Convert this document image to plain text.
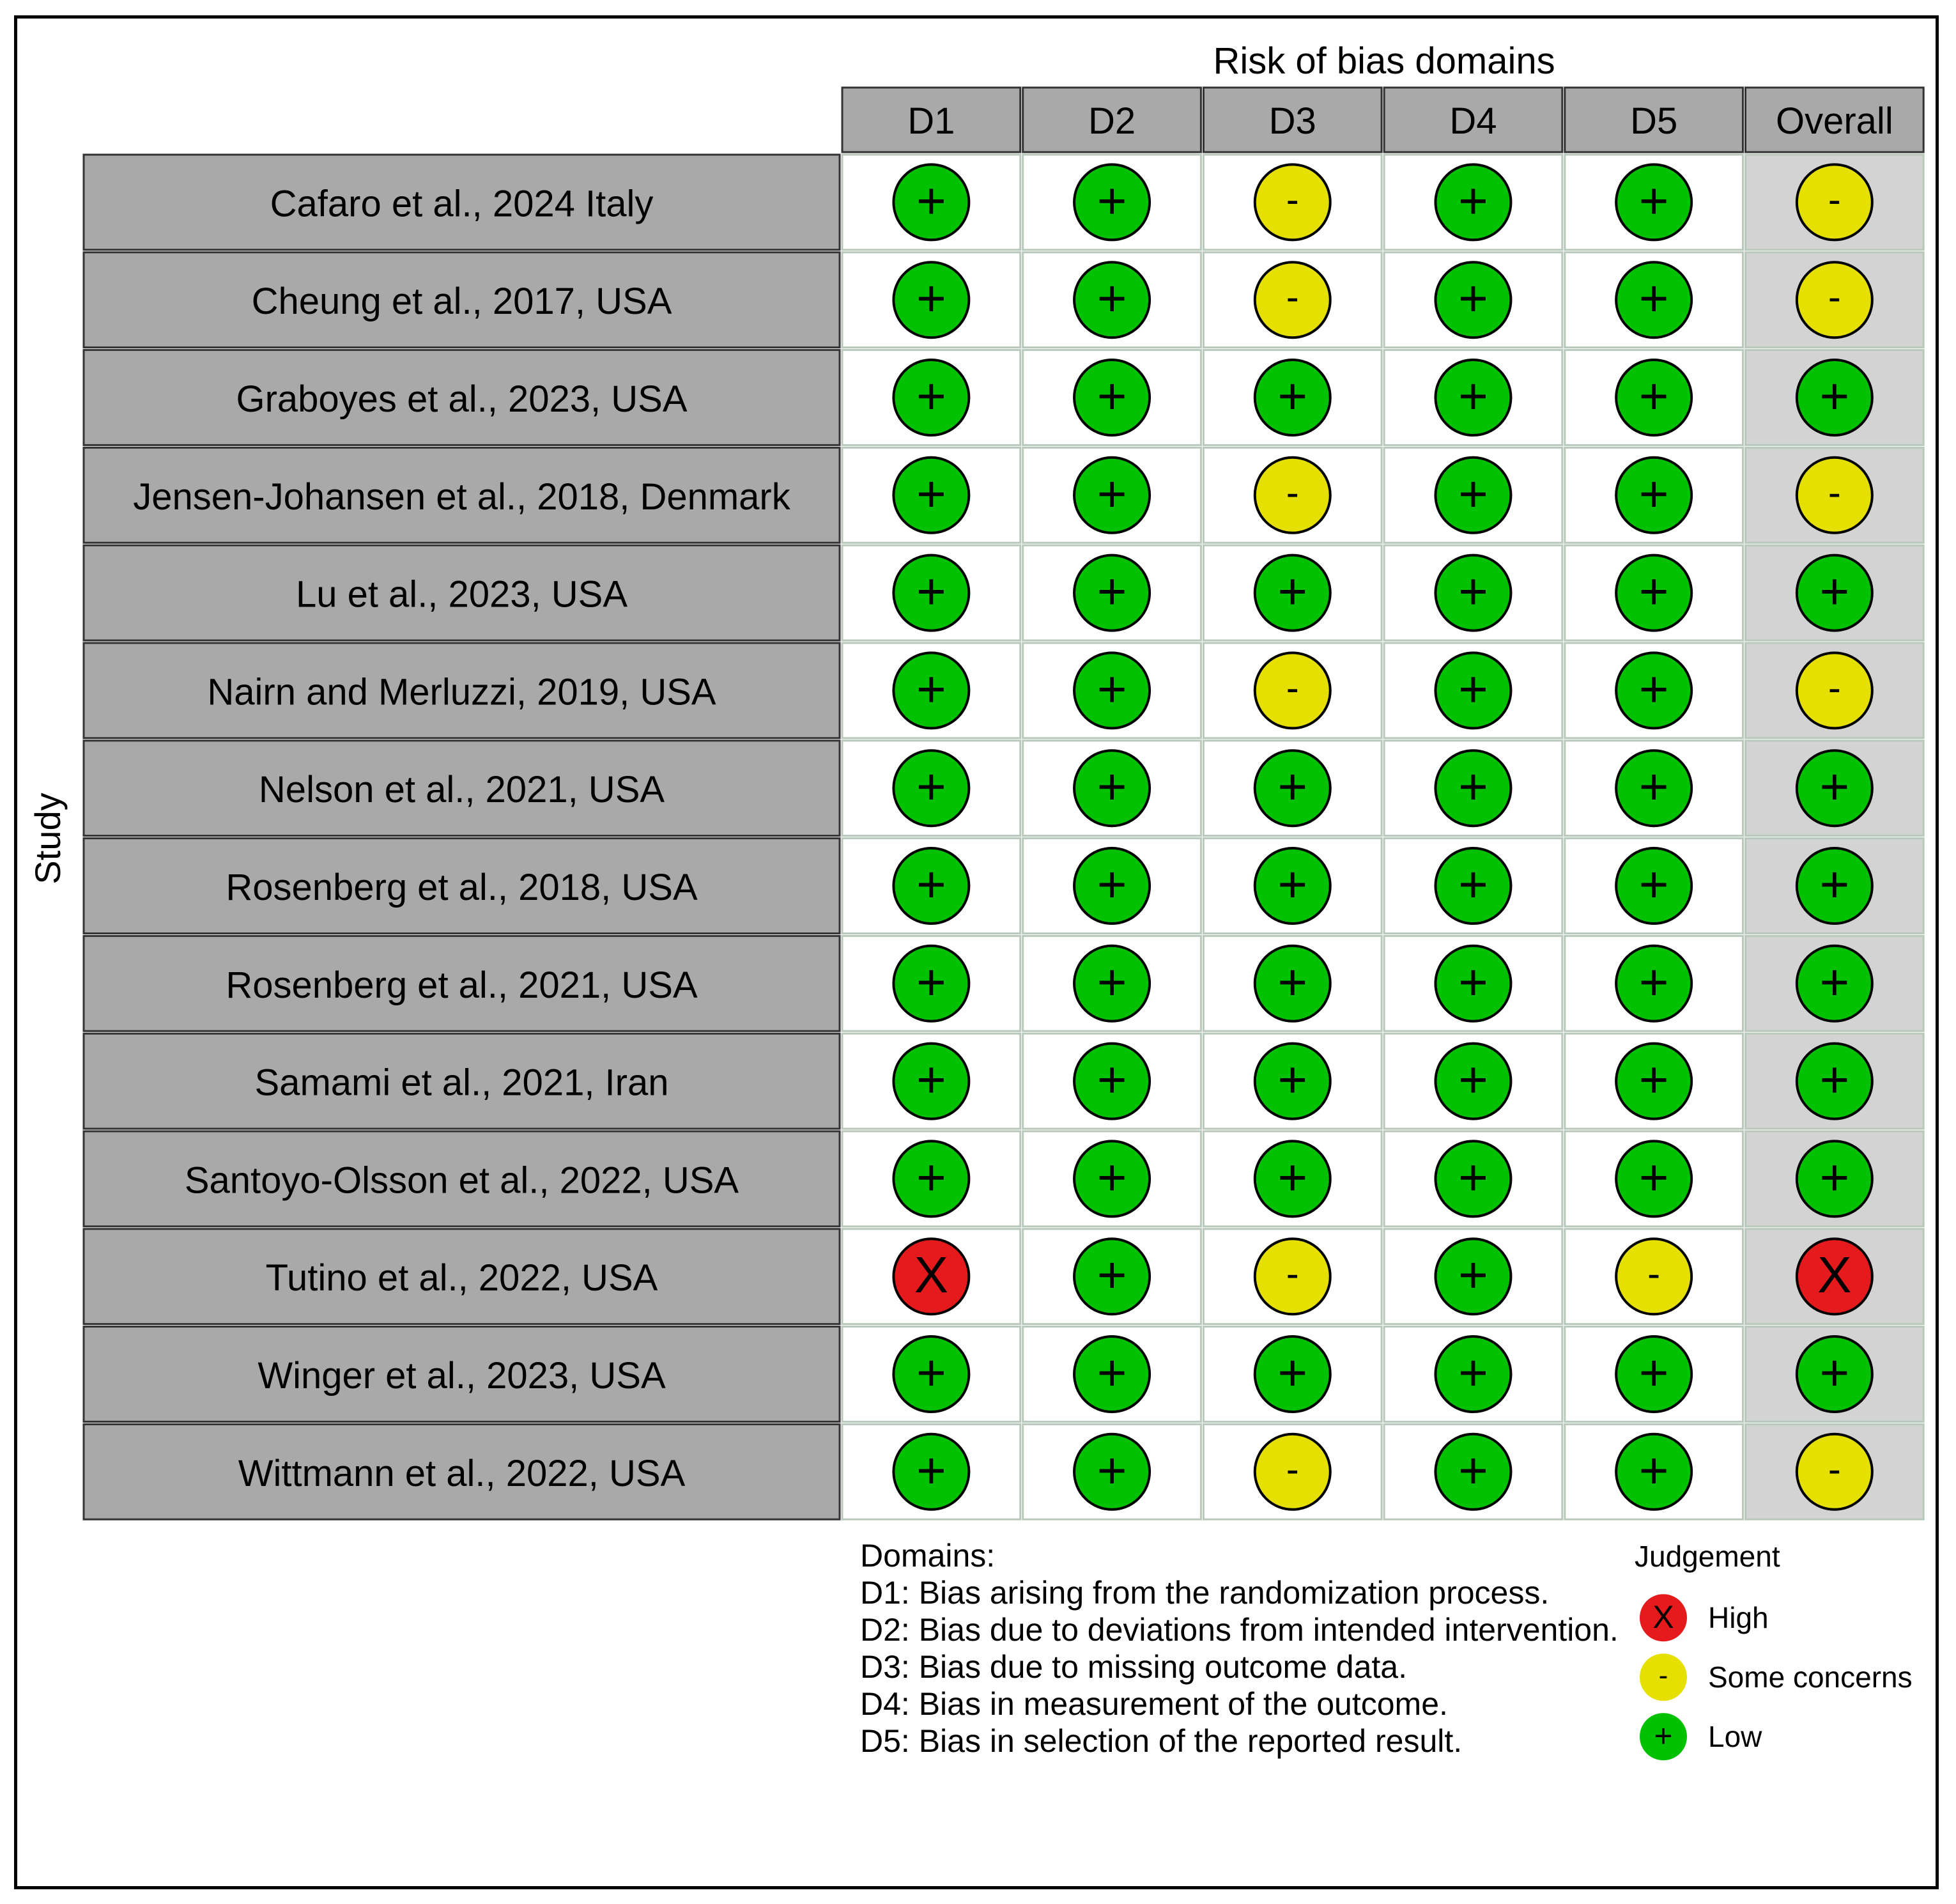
Risk of bias domains
Study
D1	D2	D3	D4	D5	Overall
Cafaro et al., 2024 Italy	+	+	-	+	+	-
Cheung et al., 2017, USA	+	+	-	+	+	-
Graboyes et al., 2023, USA	+	+	+	+	+	+
Jensen-Johansen et al., 2018, Denmark +	+	-	+	+	-
Lu et al., 2023, USA	+	+	+	+	+	+
Nairn and Merluzzi, 2019, USA	+	+	-	+	+	-
Nelson et al., 2021, USA	+	+	+	+	+	+
Rosenberg et al., 2018, USA	+	+	+	+	+	+
Rosenberg et al., 2021, USA	+	+	+	+	+	+
Samami et al., 2021, Iran	+	+	+	+	+	+
Santoyo-Olsson et al., 2022, USA	+	+	+	+	+	+
Tutino et al., 2022, USA	X	+	-	+	-	X
Winger et al., 2023, USA	+	+	+	+	+	+
Wittmann et al., 2022, USA	+	+	-	+	+	-
Domains:
D1: Bias arising from the randomization process.
D2: Bias due to deviations from intended intervention.
D3: Bias due to missing outcome data.
D4: Bias in measurement of the outcome.
D5: Bias in selection of the reported result.
Judgement
X High
- Some concerns
+ Low
